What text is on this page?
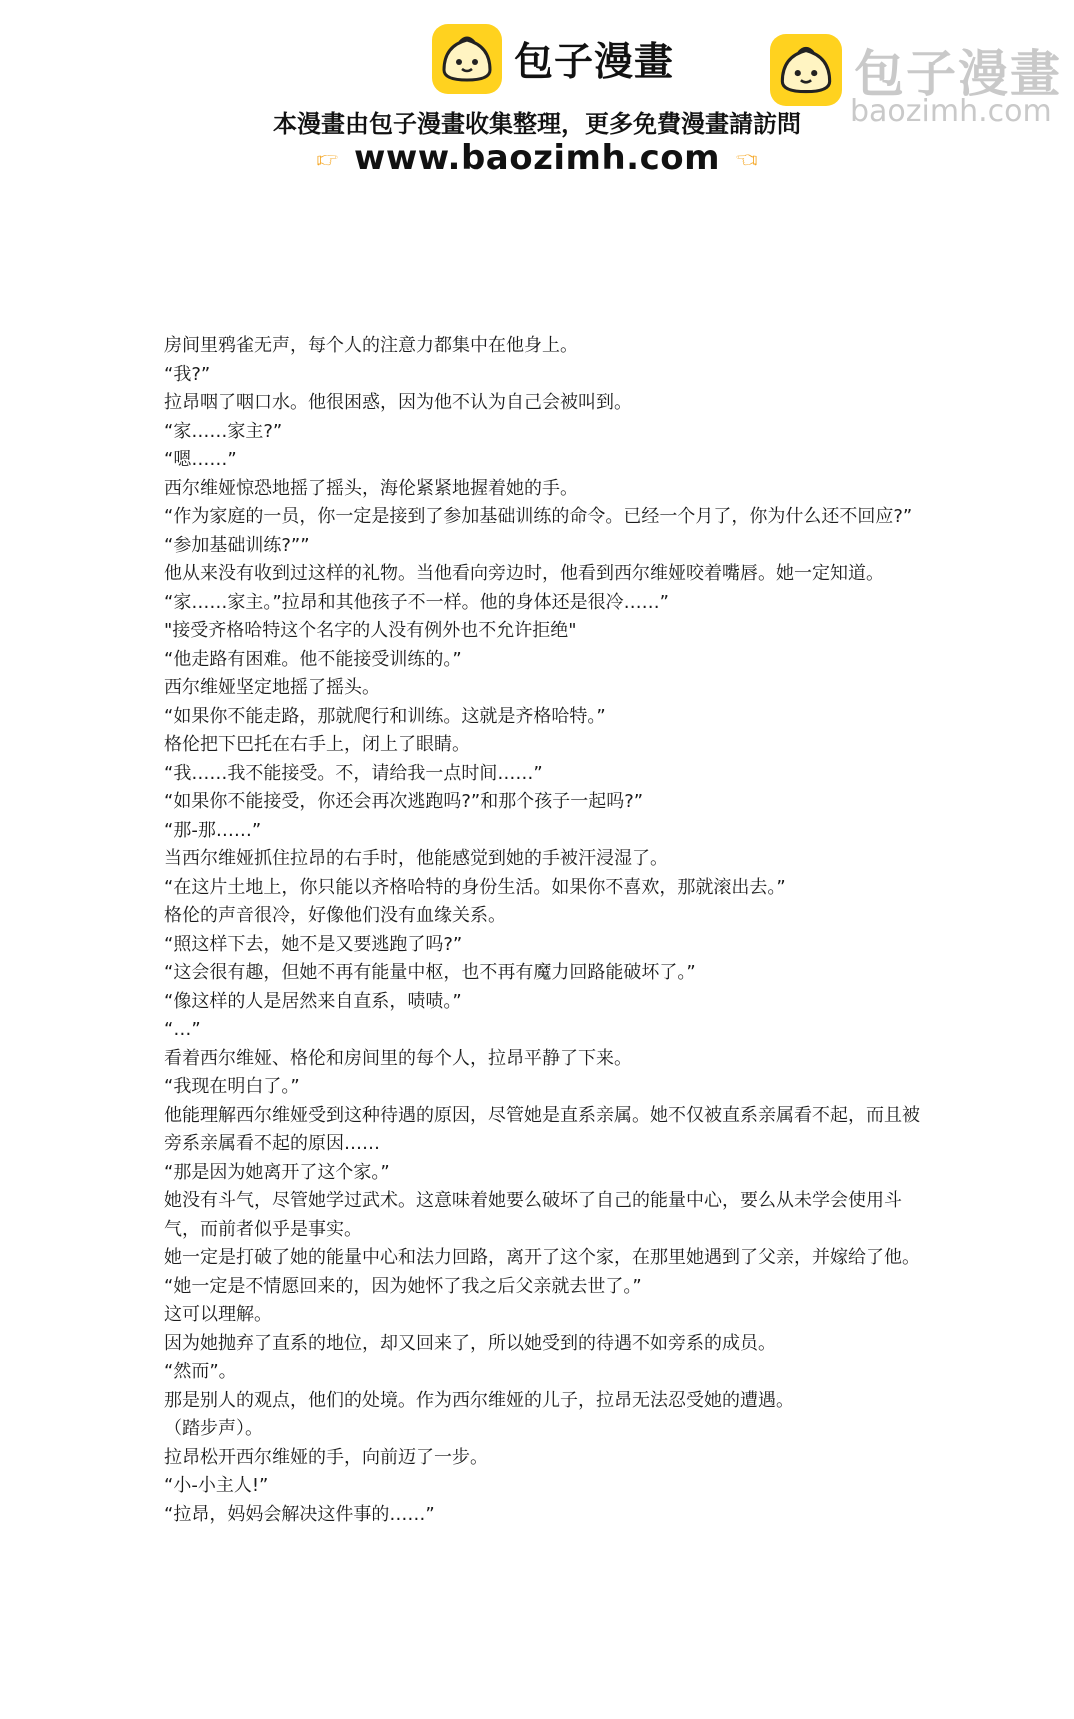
包子漫畫	包子漫畫
baozimh.com
本漫畫由包子漫畫收集整理，更多免費漫畫請訪問
👉︎ www.baozimh.com 👈︎

房间里鸦雀无声，每个人的注意力都集中在他身上。

“我?”

拉昂咽了咽口水。他很困惑，因为他不认为自己会被叫到。

“家……家主?”

“嗯……”

西尔维娅惊恐地摇了摇头，海伦紧紧地握着她的手。

“作为家庭的一员，你一定是接到了参加基础训练的命令。已经一个月了，你为什么还不回应?”

“参加基础训练?””

他从来没有收到过这样的礼物。当他看向旁边时，他看到西尔维娅咬着嘴唇。她一定知道。

“家……家主。”拉昂和其他孩子不一样。他的身体还是很冷……”

"接受齐格哈特这个名字的人没有例外也不允许拒绝"

“他走路有困难。他不能接受训练的。”

西尔维娅坚定地摇了摇头。

“如果你不能走路，那就爬行和训练。这就是齐格哈特。”

格伦把下巴托在右手上，闭上了眼睛。

“我……我不能接受。不，请给我一点时间……”

“如果你不能接受，你还会再次逃跑吗?”和那个孩子一起吗?”

“那-那……”

当西尔维娅抓住拉昂的右手时，他能感觉到她的手被汗浸湿了。

“在这片土地上，你只能以齐格哈特的身份生活。如果你不喜欢，那就滚出去。”

格伦的声音很冷，好像他们没有血缘关系。

“照这样下去，她不是又要逃跑了吗?”

“这会很有趣，但她不再有能量中枢，也不再有魔力回路能破坏了。”

“像这样的人是居然来自直系，啧啧。”

“…”

看着西尔维娅、格伦和房间里的每个人，拉昂平静了下来。

“我现在明白了。”

他能理解西尔维娅受到这种待遇的原因，尽管她是直系亲属。她不仅被直系亲属看不起，而且被旁系亲属看不起的原因……

“那是因为她离开了这个家。”

她没有斗气，尽管她学过武术。这意味着她要么破坏了自己的能量中心，要么从未学会使用斗气，而前者似乎是事实。

她一定是打破了她的能量中心和法力回路，离开了这个家，在那里她遇到了父亲，并嫁给了他。

“她一定是不情愿回来的，因为她怀了我之后父亲就去世了。”

这可以理解。

因为她抛弃了直系的地位，却又回来了，所以她受到的待遇不如旁系的成员。

“然而”。

那是别人的观点，他们的处境。作为西尔维娅的儿子，拉昂无法忍受她的遭遇。

（踏步声）。

拉昂松开西尔维娅的手，向前迈了一步。

“小-小主人!”

“拉昂，妈妈会解决这件事的……”
